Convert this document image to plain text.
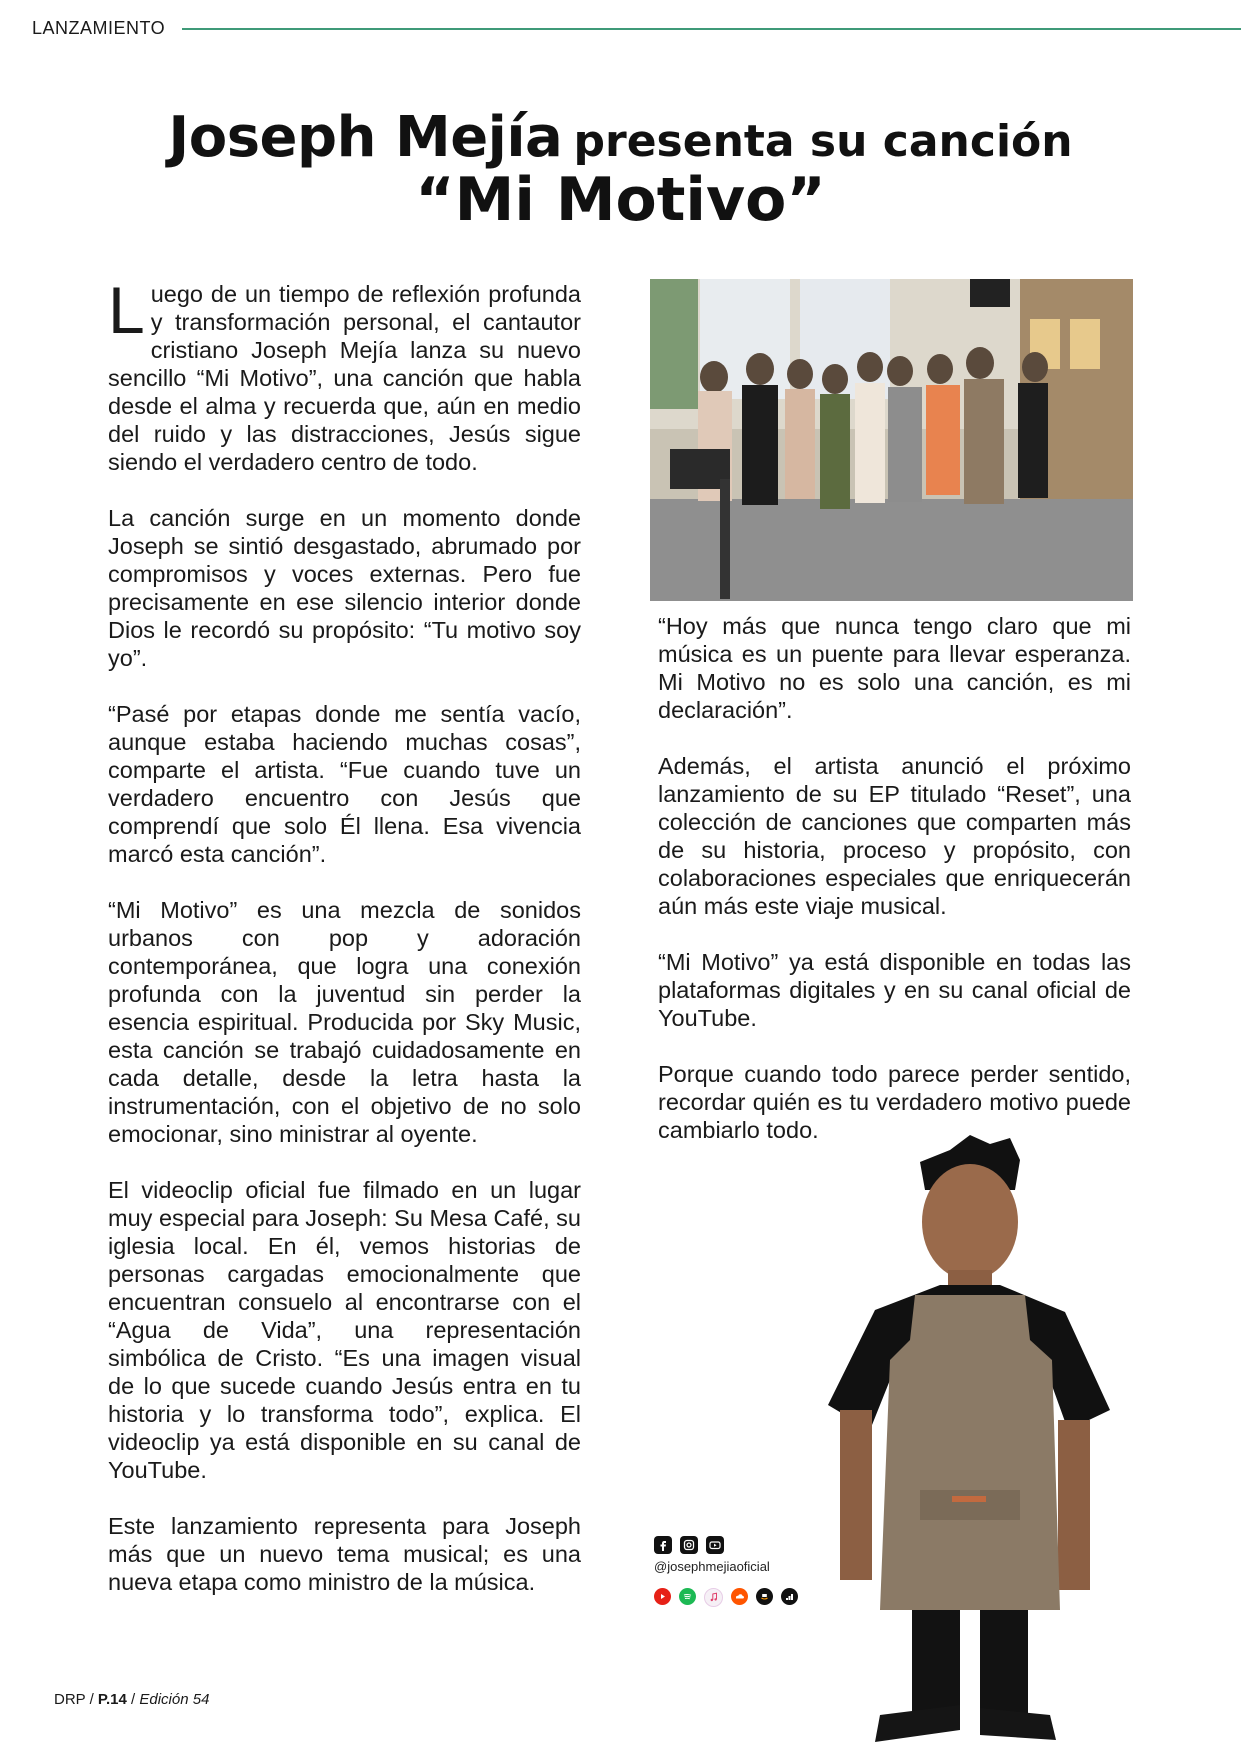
LANZAMIENTO
Joseph Mejía presenta su canción
“Mi Motivo”

Luego de un tiempo de reflexión profunda y transformación personal, el cantautor cristiano Joseph Mejía lanza su nuevo sencillo “Mi Motivo”, una canción que habla desde el alma y recuerda que, aún en medio del ruido y las distracciones, Jesús sigue siendo el verdadero centro de todo.

La canción surge en un momento donde Joseph se sintió desgastado, abrumado por compromisos y voces externas. Pero fue precisamente en ese silencio interior donde Dios le recordó su propósito: “Tu motivo soy yo”.

“Pasé por etapas donde me sentía vacío, aunque estaba haciendo muchas cosas”, comparte el artista. “Fue cuando tuve un verdadero encuentro con Jesús que comprendí que solo Él llena. Esa vivencia marcó esta canción”.

“Mi Motivo” es una mezcla de sonidos urbanos con pop y adoración contemporánea, que logra una conexión profunda con la juventud sin perder la esencia espiritual. Producida por Sky Music, esta canción se trabajó cuidadosamente en cada detalle, desde la letra hasta la instrumentación, con el objetivo de no solo emocionar, sino ministrar al oyente.

El videoclip oficial fue filmado en un lugar muy especial para Joseph: Su Mesa Café, su iglesia local. En él, vemos historias de personas cargadas emocionalmente que encuentran consuelo al encontrarse con el “Agua de Vida”, una representación simbólica de Cristo. “Es una imagen visual de lo que sucede cuando Jesús entra en tu historia y lo transforma todo”, explica. El videoclip ya está disponible en su canal de YouTube.

Este lanzamiento representa para Joseph más que un nuevo tema musical; es una nueva etapa como ministro de la música.

“Hoy más que nunca tengo claro que mi música es un puente para llevar esperanza. Mi Motivo no es solo una canción, es mi declaración”.

Además, el artista anunció el próximo lanzamiento de su EP titulado “Reset”, una colección de canciones que comparten más de su historia, proceso y propósito, con colaboraciones especiales que enriquecerán aún más este viaje musical.

“Mi Motivo” ya está disponible en todas las plataformas digitales y en su canal oficial de YouTube.

Porque cuando todo parece perder sentido, recordar quién es tu verdadero motivo puede cambiarlo todo.

@josephmejiaoficial
DRP / P.14 / Edición 54
